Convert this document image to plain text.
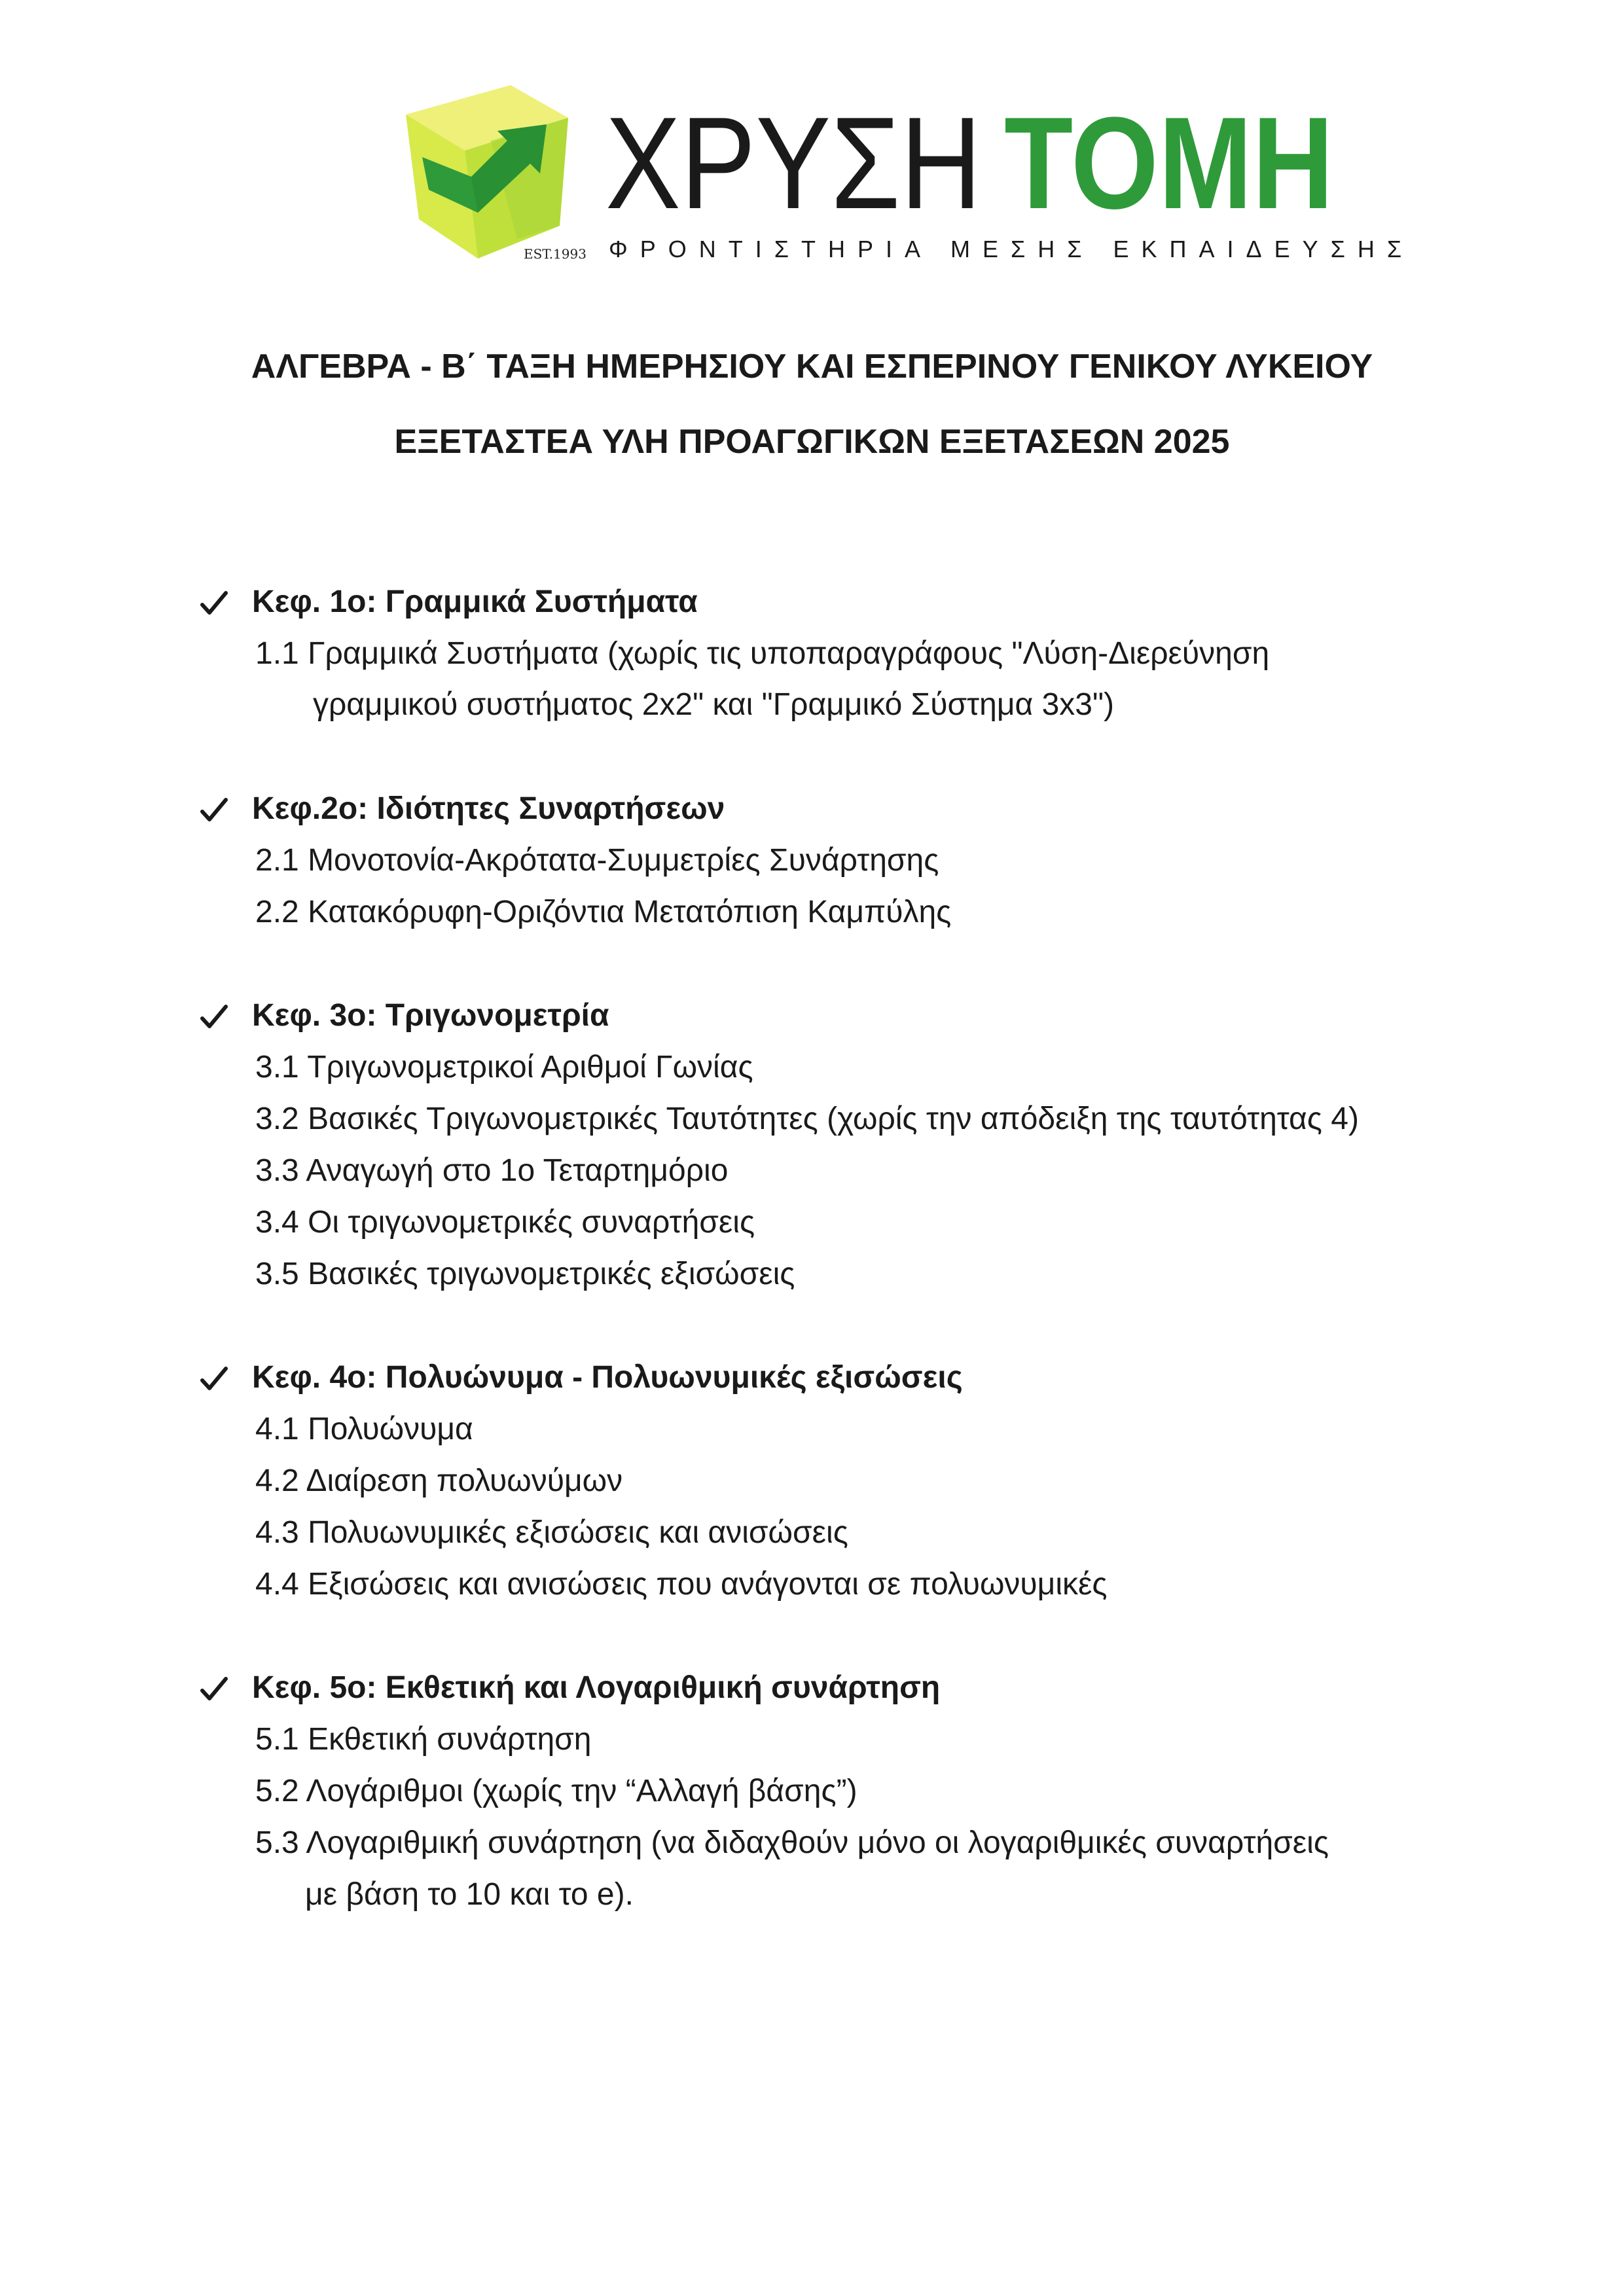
EST.1993
ΧΡΥΣΗ ΤΟΜΗ
ΦΡΟΝΤΙΣΤΗΡΙΑ ΜΕΣΗΣ ΕΚΠΑΙΔΕΥΣΗΣ
ΑΛΓΕΒΡΑ - Β΄ ΤΑΞΗ ΗΜΕΡΗΣΙΟΥ ΚΑΙ ΕΣΠΕΡΙΝΟΥ ΓΕΝΙΚΟΥ ΛΥΚΕΙΟΥ
ΕΞΕΤΑΣΤΕΑ ΥΛΗ ΠΡΟΑΓΩΓΙΚΩΝ ΕΞΕΤΑΣΕΩΝ 2025
Κεφ. 1ο: Γραμμικά Συστήματα
1.1 Γραμμικά Συστήματα (χωρίς τις υποπαραγράφους "Λύση-Διερεύνηση
γραμμικού συστήματος 2x2" και "Γραμμικό Σύστημα 3x3")
Κεφ.2ο: Ιδιότητες Συναρτήσεων
2.1 Μονοτονία-Ακρότατα-Συμμετρίες Συνάρτησης
2.2 Κατακόρυφη-Οριζόντια Μετατόπιση Καμπύλης
Κεφ. 3ο: Τριγωνομετρία
3.1 Τριγωνομετρικοί Αριθμοί Γωνίας
3.2 Βασικές Τριγωνομετρικές Ταυτότητες (χωρίς την απόδειξη της ταυτότητας 4)
3.3 Αναγωγή στο 1ο Τεταρτημόριο
3.4 Οι τριγωνομετρικές συναρτήσεις
3.5 Βασικές τριγωνομετρικές εξισώσεις
Κεφ. 4ο: Πολυώνυμα - Πολυωνυμικές εξισώσεις
4.1 Πολυώνυμα
4.2 Διαίρεση πολυωνύμων
4.3 Πολυωνυμικές εξισώσεις και ανισώσεις
4.4 Εξισώσεις και ανισώσεις που ανάγονται σε πολυωνυμικές
Κεφ. 5ο: Εκθετική και Λογαριθμική συνάρτηση
5.1 Εκθετική συνάρτηση
5.2 Λογάριθμοι (χωρίς την “Αλλαγή βάσης”)
5.3 Λογαριθμική συνάρτηση (να διδαχθούν μόνο οι λογαριθμικές συναρτήσεις
με βάση το 10 και το e).
